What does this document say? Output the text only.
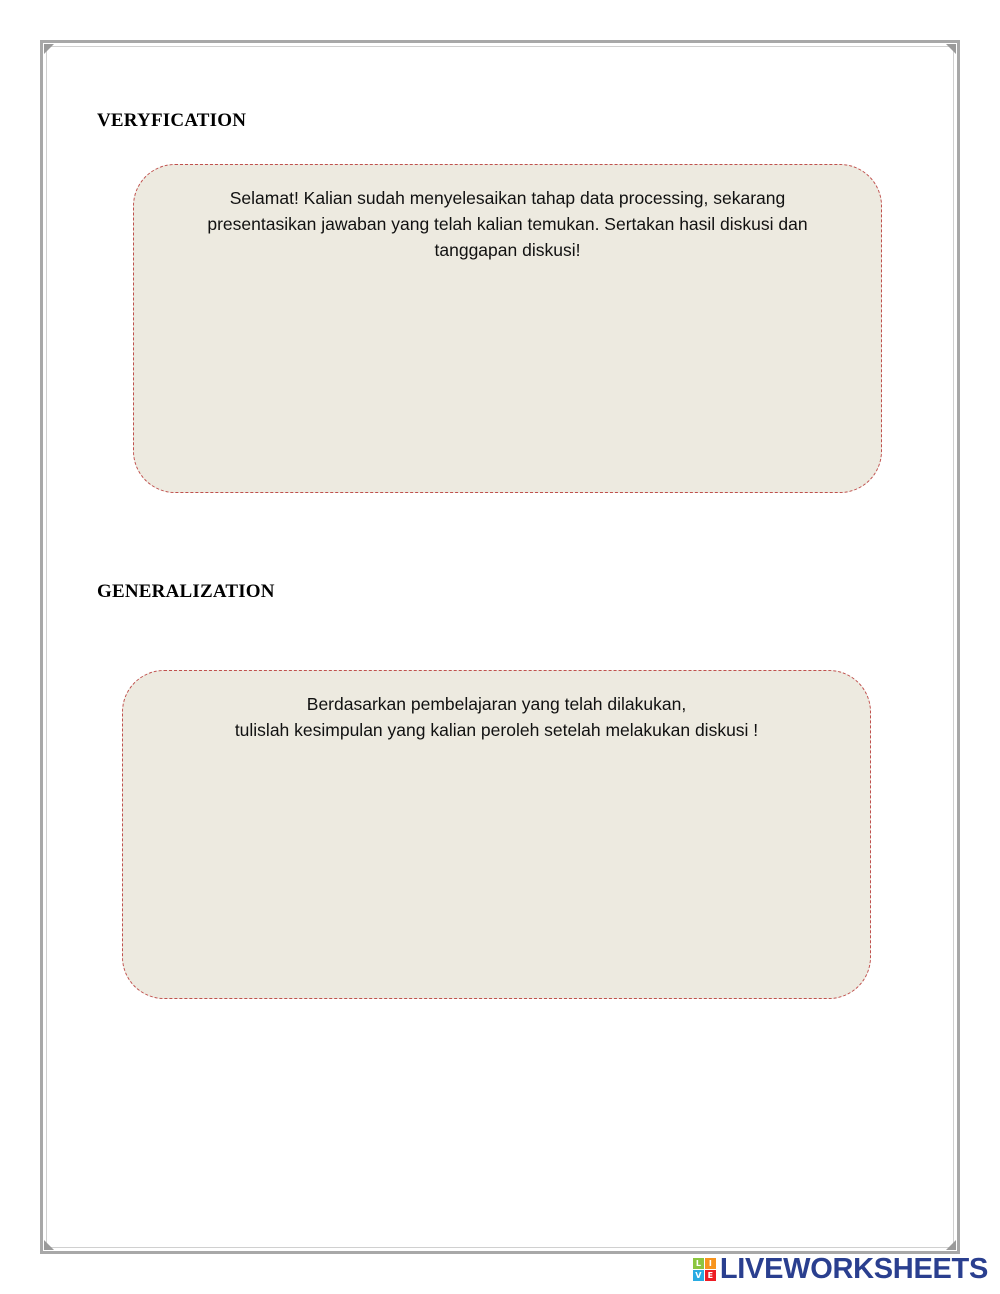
VERYFICATION

Selamat! Kalian sudah menyelesaikan tahap data processing, sekarang

presentasikan jawaban yang telah kalian temukan. Sertakan hasil diskusi dan

tanggapan diskusi!

GENERALIZATION

Berdasarkan pembelajaran yang telah dilakukan,

tulislah kesimpulan yang kalian peroleh setelah melakukan diskusi !

L I
V E LIVEWORKSHEETS
